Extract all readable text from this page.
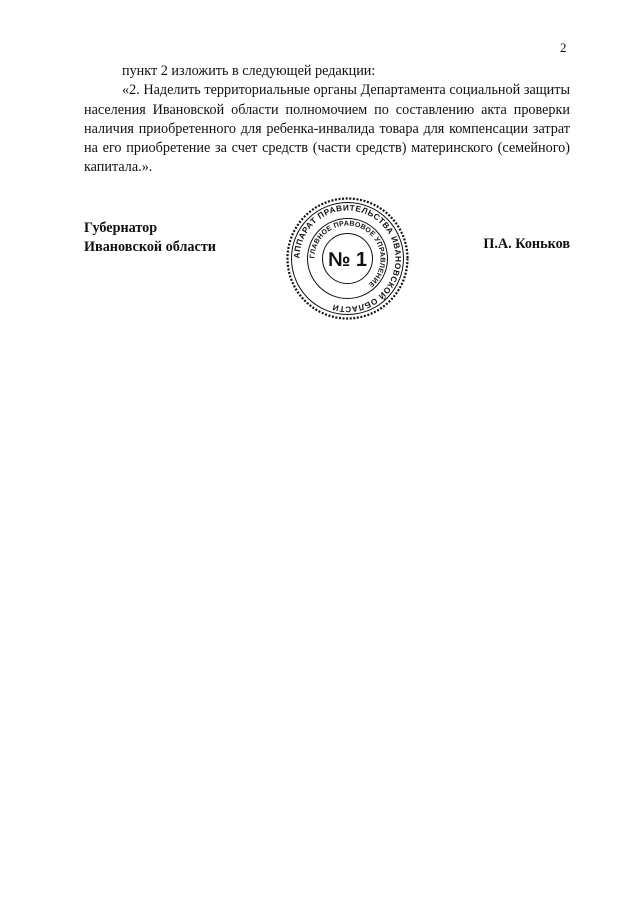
2

пункт 2 изложить в следующей редакции:

«2. Наделить территориальные органы Департамента социальной защиты населения Ивановской области полномочием по составлению акта проверки наличия приобретенного для ребенка-инвалида товара для компенсации затрат на его приобретение за счет средств (части средств) материнского (семейного) капитала.».

Губернатор
Ивановской области
АППАРАТ ПРАВИТЕЛЬСТВА ИВАНОВСКОЙ ОБЛАСТИ
ГЛАВНОЕ ПРАВОВОЕ УПРАВЛЕНИЕ
№ 1
П.А. Коньков
